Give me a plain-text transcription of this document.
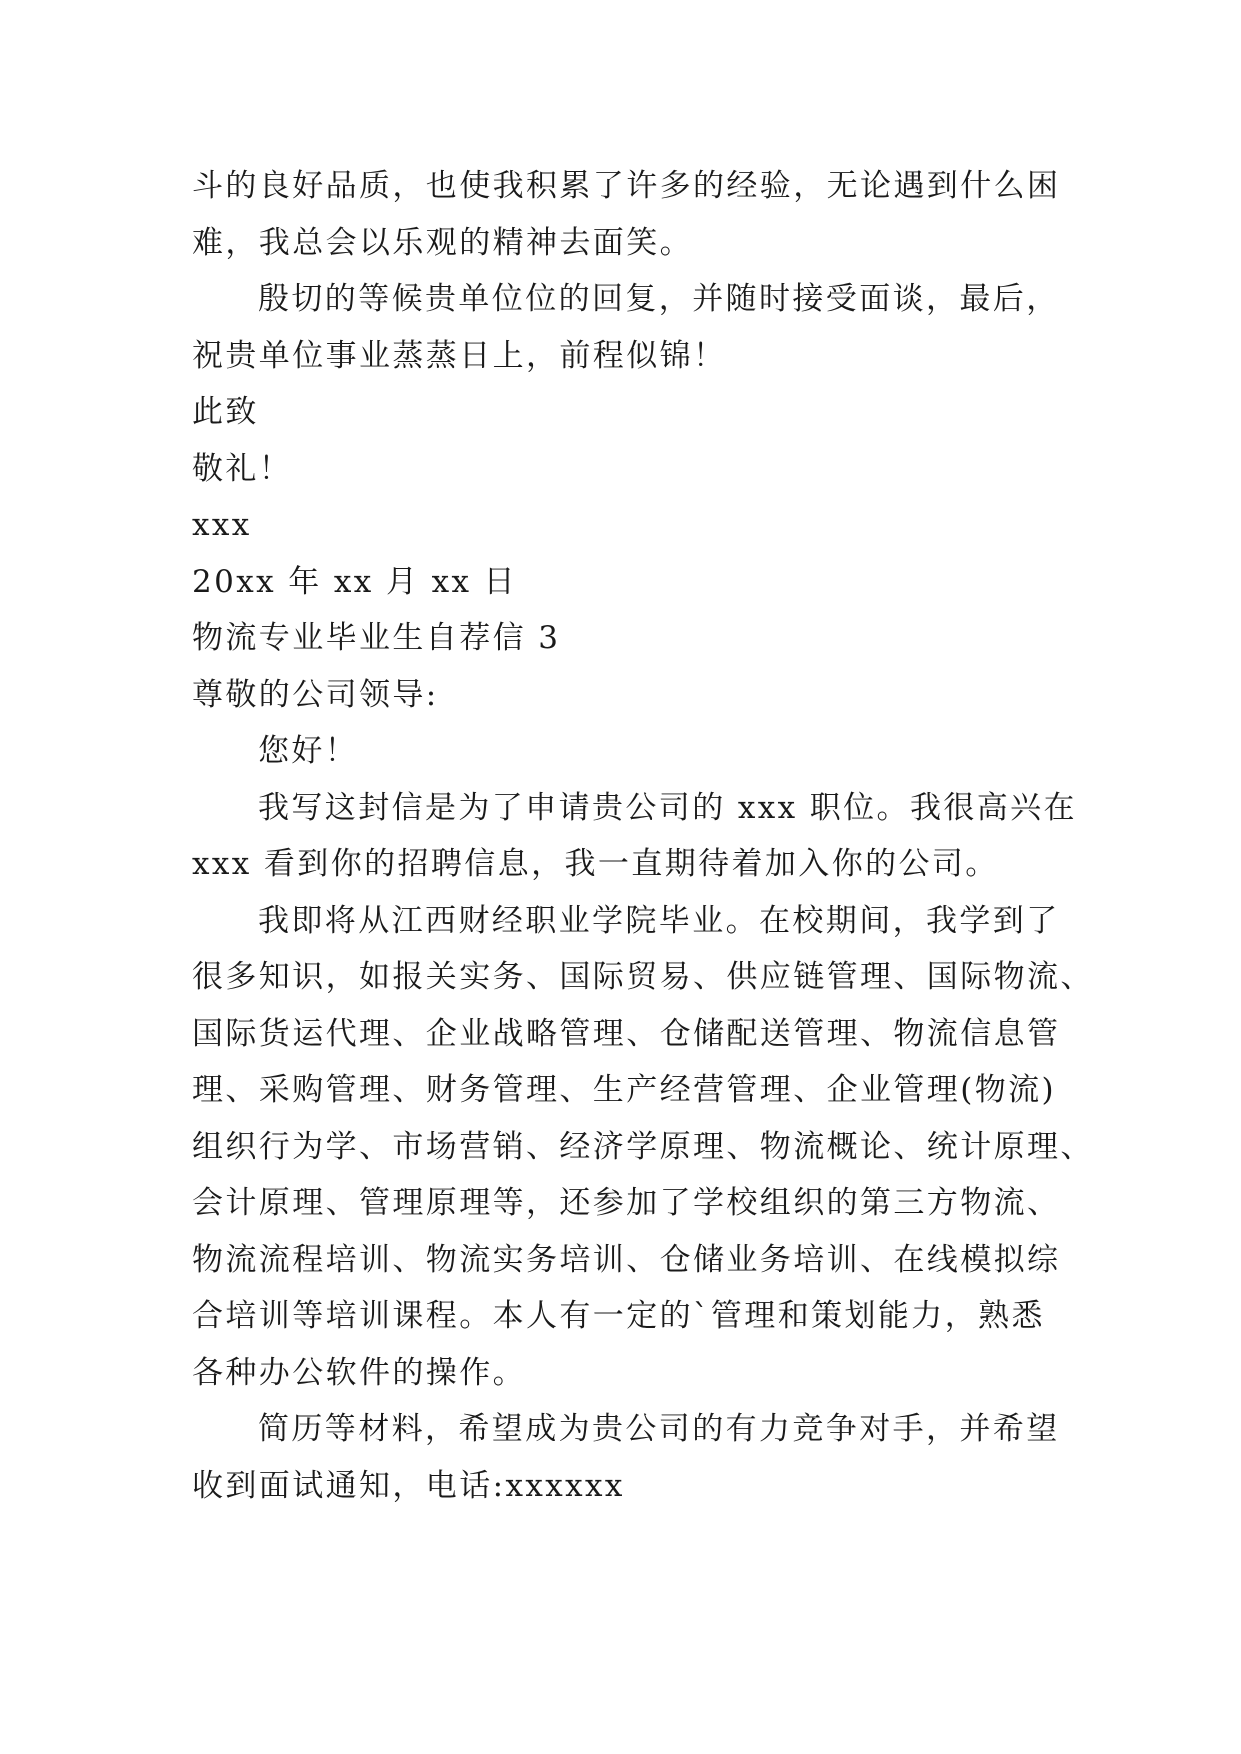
斗的良好品质，也使我积累了许多的经验，无论遇到什么困
难，我总会以乐观的精神去面笑。
殷切的等候贵单位位的回复，并随时接受面谈，最后，
祝贵单位事业蒸蒸日上，前程似锦！
此致
敬礼！
xxx
20xx 年 xx 月 xx 日
物流专业毕业生自荐信 3
尊敬的公司领导:
您好！
我写这封信是为了申请贵公司的 xxx 职位。我很高兴在
xxx 看到你的招聘信息，我一直期待着加入你的公司。
我即将从江西财经职业学院毕业。在校期间，我学到了
很多知识，如报关实务、国际贸易、供应链管理、国际物流、
国际货运代理、企业战略管理、仓储配送管理、物流信息管
理、采购管理、财务管理、生产经营管理、企业管理(物流)
组织行为学、市场营销、经济学原理、物流概论、统计原理、
会计原理、管理原理等，还参加了学校组织的第三方物流、
物流流程培训、物流实务培训、仓储业务培训、在线模拟综
合培训等培训课程。本人有一定的`管理和策划能力，熟悉
各种办公软件的操作。
简历等材料，希望成为贵公司的有力竞争对手，并希望
收到面试通知，电话:xxxxxx
